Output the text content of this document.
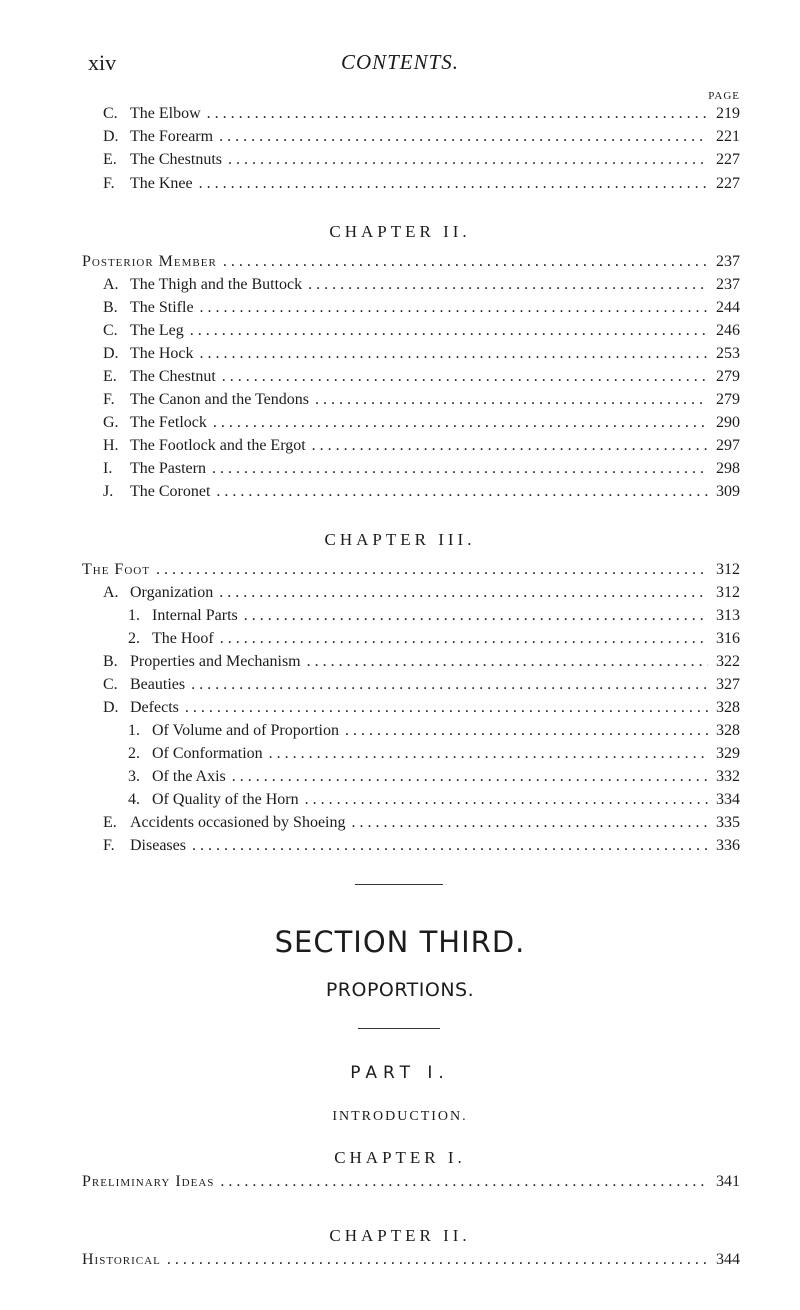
xiv	CONTENTS.
PAGE
C. The Elbow . . .	219
D. The Forearm . . .	221
E. The Chestnuts . . .	227
F. The Knee . . .	227
CHAPTER II.
Posterior Member . . .	237
A. The Thigh and the Buttock . . .	237
B. The Stifle . . .	244
C. The Leg . . .	246
D. The Hock . . .	253
E. The Chestnut . . .	279
F. The Canon and the Tendons . . .	279
G. The Fetlock . . .	290
H. The Footlock and the Ergot . . .	297
I.	The Pastern . . .	298
J.	The Coronet . . .	309
CHAPTER III.
The Foot . . .	312
A. Organization . . .	312
1. Internal Parts . . .	313
2. The Hoof . . .	316
B. Properties and Mechanism . . .	322
C. Beauties . . .	327
D. Defects . . .	328
1. Of Volume and of Proportion . . .	328
2. Of Conformation . . .	329
3. Of the Axis . . .	332
4. Of Quality of the Horn . . .	334
E. Accidents occasioned by Shoeing . . .	335
F. Diseases . . .	336
SECTION THIRD.
PROPORTIONS.
PART I.
INTRODUCTION.
CHAPTER I.
Preliminary Ideas . . .	341
CHAPTER II.
Historical . . .	344
